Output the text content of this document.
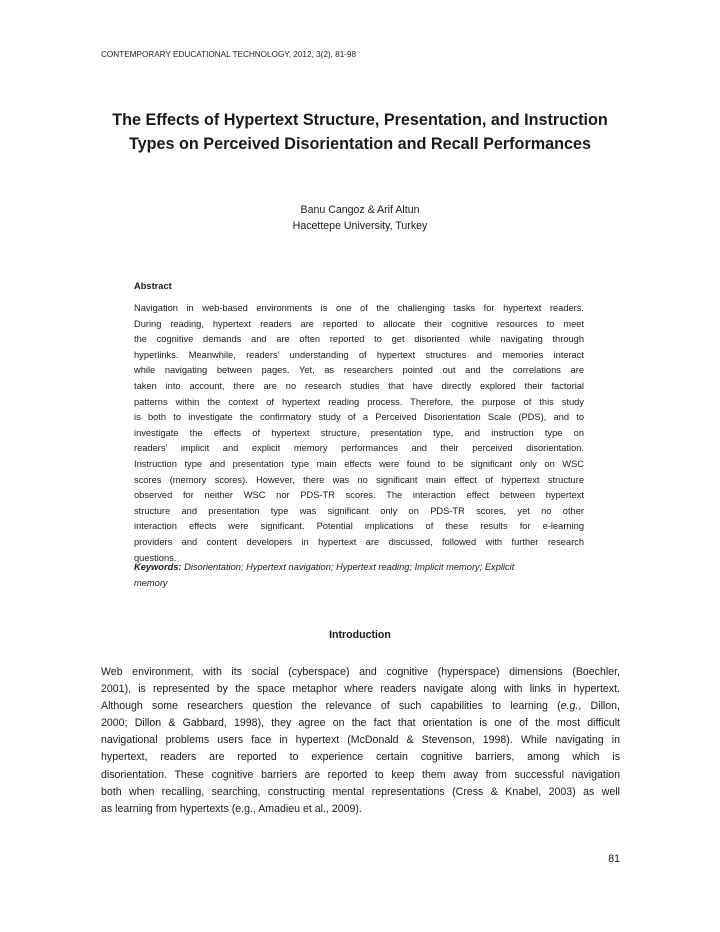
CONTEMPORARY EDUCATIONAL TECHNOLOGY, 2012, 3(2), 81-98
The Effects of Hypertext Structure, Presentation, and Instruction
Types on Perceived Disorientation and Recall Performances
Banu Cangoz & Arif Altun
Hacettepe University, Turkey
Abstract
Navigation in web-based environments is one of the challenging tasks for hypertext readers.
During reading, hypertext readers are reported to allocate their cognitive resources to meet
the cognitive demands and are often reported to get disoriented while navigating through
hyperlinks. Meanwhile, readers’ understanding of hypertext structures and memories interact
while navigating between pages. Yet, as researchers pointed out and the correlations are
taken into account, there are no research studies that have directly explored their factorial
patterns within the context of hypertext reading process. Therefore, the purpose of this study
is both to investigate the confirmatory study of a Perceived Disorientation Scale (PDS), and to
investigate the effects of hypertext structure, presentation type, and instruction type on
readers’ implicit and explicit memory performances and their perceived disorientation.
Instruction type and presentation type main effects were found to be significant only on WSC
scores (memory scores). However, there was no significant main effect of hypertext structure
observed for neither WSC nor PDS-TR scores. The interaction effect between hypertext
structure and presentation type was significant only on PDS-TR scores, yet no other
interaction effects were significant. Potential implications of these results for e-learning
providers and content developers in hypertext are discussed, followed with further research
questions.
Keywords: Disorientation; Hypertext navigation; Hypertext reading; Implicit memory; Explicit
memory
Introduction
Web environment, with its social (cyberspace) and cognitive (hyperspace) dimensions (Boechler,
2001), is represented by the space metaphor where readers navigate along with links in hypertext.
Although some researchers question the relevance of such capabilities to learning (e.g., Dillon,
2000; Dillon & Gabbard, 1998), they agree on the fact that orientation is one of the most difficult
navigational problems users face in hypertext (McDonald & Stevenson, 1998). While navigating in
hypertext, readers are reported to experience certain cognitive barriers, among which is
disorientation. These cognitive barriers are reported to keep them away from successful navigation
both when recalling, searching, constructing mental representations (Cress & Knabel, 2003) as well
as learning from hypertexts (e.g., Amadieu et al., 2009).
81
